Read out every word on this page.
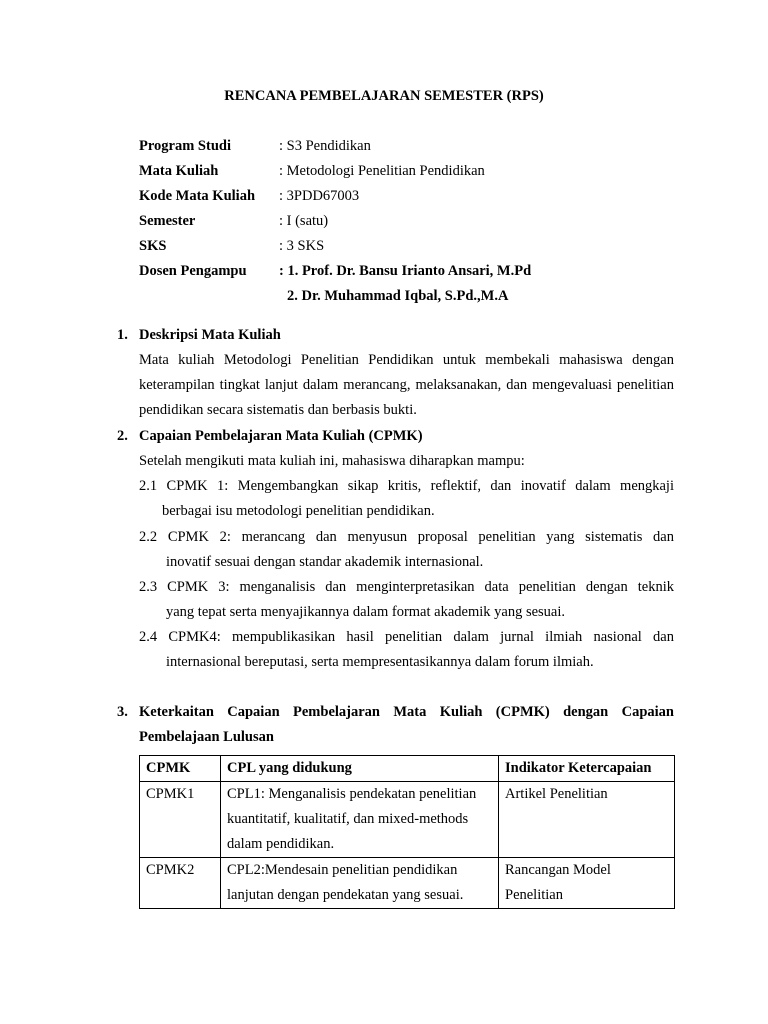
RENCANA PEMBELAJARAN SEMESTER (RPS)
Program Studi	: S3 Pendidikan
Mata Kuliah	: Metodologi Penelitian Pendidikan
Kode Mata Kuliah : 3PDD67003
Semester	: I (satu)
SKS	: 3 SKS
Dosen Pengampu : 1. Prof. Dr. Bansu Irianto Ansari, M.Pd
2. Dr. Muhammad Iqbal, S.Pd.,M.A
1. Deskripsi Mata Kuliah
Mata kuliah Metodologi Penelitian Pendidikan untuk membekali mahasiswa dengan keterampilan tingkat lanjut dalam merancang, melaksanakan, dan mengevaluasi penelitian pendidikan secara sistematis dan berbasis bukti.
2. Capaian Pembelajaran Mata Kuliah (CPMK)
Setelah mengikuti mata kuliah ini, mahasiswa diharapkan mampu:
2.1 CPMK 1: Mengembangkan sikap kritis, reflektif, dan inovatif dalam mengkaji
berbagai isu metodologi penelitian pendidikan.
2.2 CPMK 2: merancang dan menyusun proposal penelitian yang sistematis dan
inovatif sesuai dengan standar akademik internasional.
2.3 CPMK 3: menganalisis dan menginterpretasikan data penelitian dengan teknik
yang tepat serta menyajikannya dalam format akademik yang sesuai.
2.4 CPMK4: mempublikasikan hasil penelitian dalam jurnal ilmiah nasional dan
internasional bereputasi, serta mempresentasikannya dalam forum ilmiah.
3. Keterkaitan Capaian Pembelajaran Mata Kuliah (CPMK) dengan Capaian
Pembelajaan Lulusan
CPMK	CPL yang didukung	Indikator Ketercapaian
CPMK1	CPL1: Menganalisis pendekatan penelitian kuantitatif, kualitatif, dan mixed-methods dalam pendidikan.	Artikel Penelitian
CPMK2	CPL2:Mendesain penelitian pendidikan lanjutan dengan pendekatan yang sesuai.	Rancangan Model Penelitian
